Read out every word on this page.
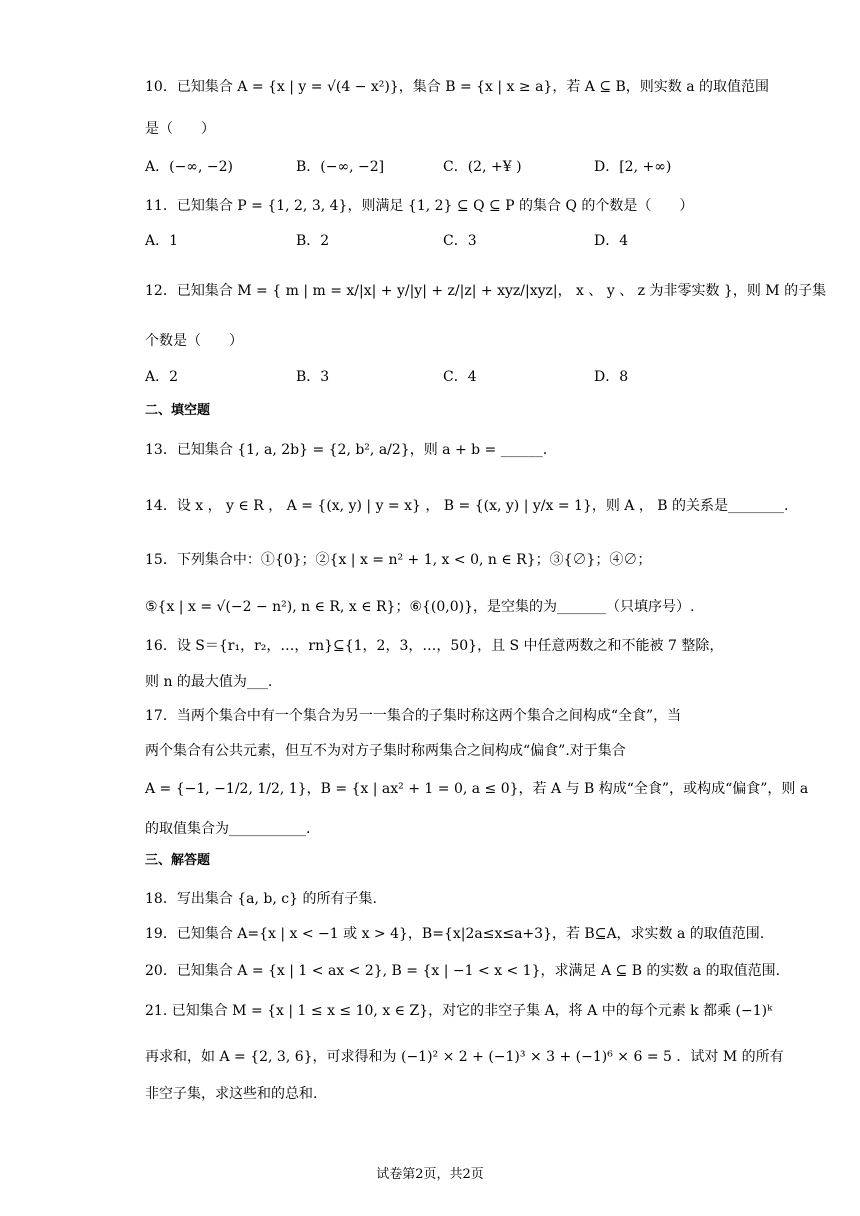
10．已知集合 A = {x | y = √(4 − x²)}，集合 B = {x | x ≥ a}，若 A ⊆ B，则实数 a 的取值范围
是（　　）
A．(−∞, −2)	B．(−∞, −2]	C．(2, +¥ )	D．[2, +∞)
11．已知集合 P = {1, 2, 3, 4}，则满足 {1, 2} ⊆ Q ⊆ P 的集合 Q 的个数是（　　）
A．1	B．2	C．3	D．4
12．已知集合 M = { m | m = x/|x| + y/|y| + z/|z| + xyz/|xyz|， x 、 y 、 z 为非零实数 }，则 M 的子集
个数是（　　）
A．2	B．3	C．4	D．8
二、填空题
13．已知集合 {1, a, 2b} = {2, b², a/2}，则 a + b = ______.
14．设 x ， y ∈ R ， A = {(x, y) | y = x} ， B = {(x, y) | y/x = 1}，则 A ， B 的关系是________.
15．下列集合中：①{0}；②{x | x = n² + 1, x < 0, n ∈ R}；③{∅}；④∅；
⑤{x | x = √(−2 − n²), n ∈ R, x ∈ R}；⑥{(0,0)}，是空集的为_______（只填序号）.
16．设 S＝{r₁，r₂，…，rn}⊆{1，2，3，…，50}，且 S 中任意两数之和不能被 7 整除，
则 n 的最大值为___.
17．当两个集合中有一个集合为另一一集合的子集时称这两个集合之间构成“全食”，当
两个集合有公共元素，但互不为对方子集时称两集合之间构成“偏食”.对于集合
A = {−1, −1/2, 1/2, 1}，B = {x | ax² + 1 = 0, a ≤ 0}，若 A 与 B 构成“全食”，或构成“偏食”，则 a
的取值集合为___________.
三、解答题
18．写出集合 {a, b, c} 的所有子集.
19．已知集合 A={x | x < −1 或 x > 4}，B={x|2a≤x≤a+3}，若 B⊆A，求实数 a 的取值范围.
20．已知集合 A = {x | 1 < ax < 2}, B = {x | −1 < x < 1}，求满足 A ⊆ B 的实数 a 的取值范围.
21. 已知集合 M = {x | 1 ≤ x ≤ 10, x ∈ Z}，对它的非空子集 A，将 A 中的每个元素 k 都乘 (−1)ᵏ
再求和，如 A = {2, 3, 6}，可求得和为 (−1)² × 2 + (−1)³ × 3 + (−1)⁶ × 6 = 5 ．试对 M 的所有
非空子集，求这些和的总和.
试卷第2页，共2页
